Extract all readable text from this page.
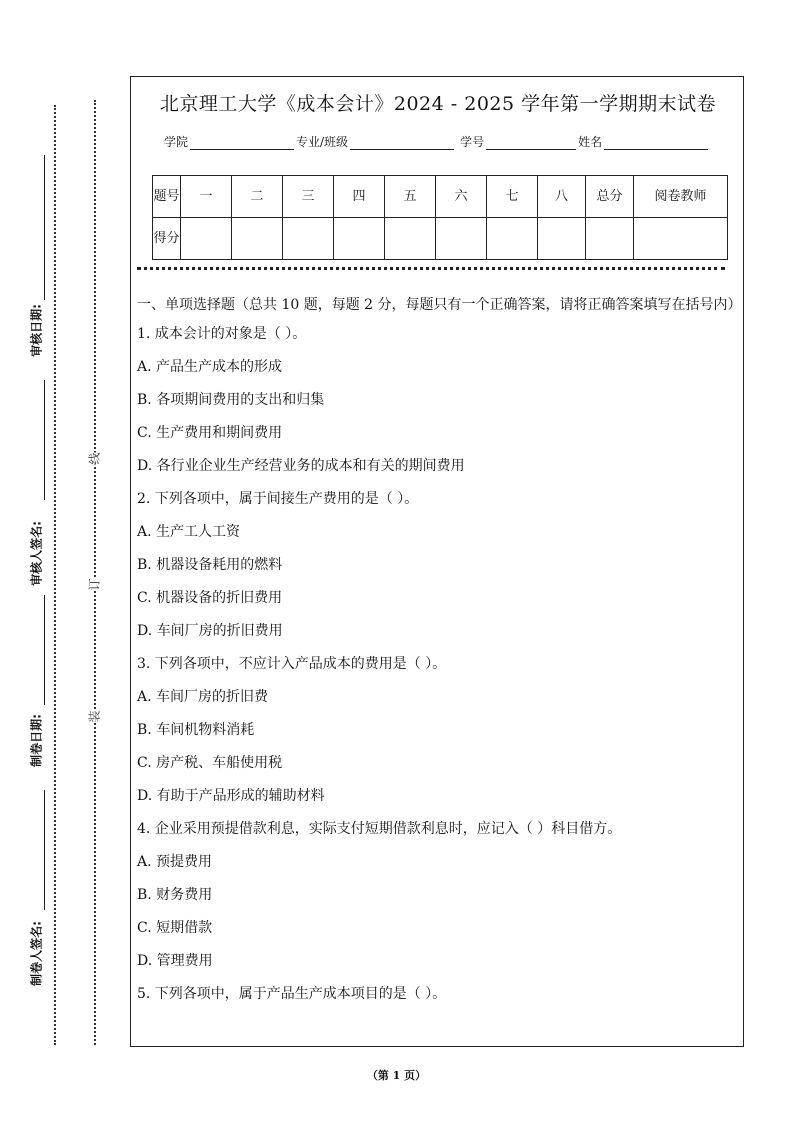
审核日期:
审核人签名:
制卷日期:
制卷人签名:
线
订
装
北京理工大学《成本会计》2024 - 2025 学年第一学期期末试卷
学院	专业/班级	学号	姓名
题号	一	二	三	四	五	六	七	八	总分	阅卷教师
得分										
一、单项选择题（总共 10 题，每题 2 分，每题只有一个正确答案，请将正确答案填写在括号内）
1. 成本会计的对象是（ ）。
A. 产品生产成本的形成
B. 各项期间费用的支出和归集
C. 生产费用和期间费用
D. 各行业企业生产经营业务的成本和有关的期间费用
2. 下列各项中，属于间接生产费用的是（ ）。
A. 生产工人工资
B. 机器设备耗用的燃料
C. 机器设备的折旧费用
D. 车间厂房的折旧费用
3. 下列各项中，不应计入产品成本的费用是（ ）。
A. 车间厂房的折旧费
B. 车间机物料消耗
C. 房产税、车船使用税
D. 有助于产品形成的辅助材料
4. 企业采用预提借款利息，实际支付短期借款利息时，应记入（ ）科目借方。
A. 预提费用
B. 财务费用
C. 短期借款
D. 管理费用
5. 下列各项中，属于产品生产成本项目的是（ ）。
（第 1 页）
